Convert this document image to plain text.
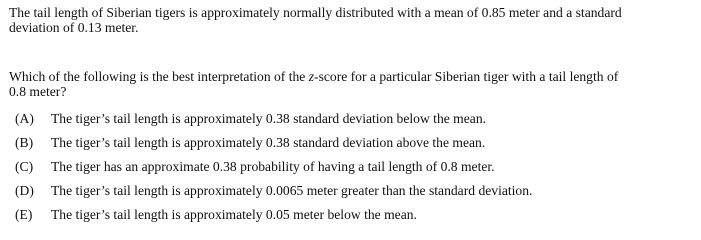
The tail length of Siberian tigers is approximately normally distributed with a mean of 0.85 meter and a standard
deviation of 0.13 meter.

Which of the following is the best interpretation of the z-score for a particular Siberian tiger with a tail length of
0.8 meter?

(A)	The tiger’s tail length is approximately 0.38 standard deviation below the mean.
(B)	The tiger’s tail length is approximately 0.38 standard deviation above the mean.
(C)	The tiger has an approximate 0.38 probability of having a tail length of 0.8 meter.
(D)	The tiger’s tail length is approximately 0.0065 meter greater than the standard deviation.
(E)	The tiger’s tail length is approximately 0.05 meter below the mean.
